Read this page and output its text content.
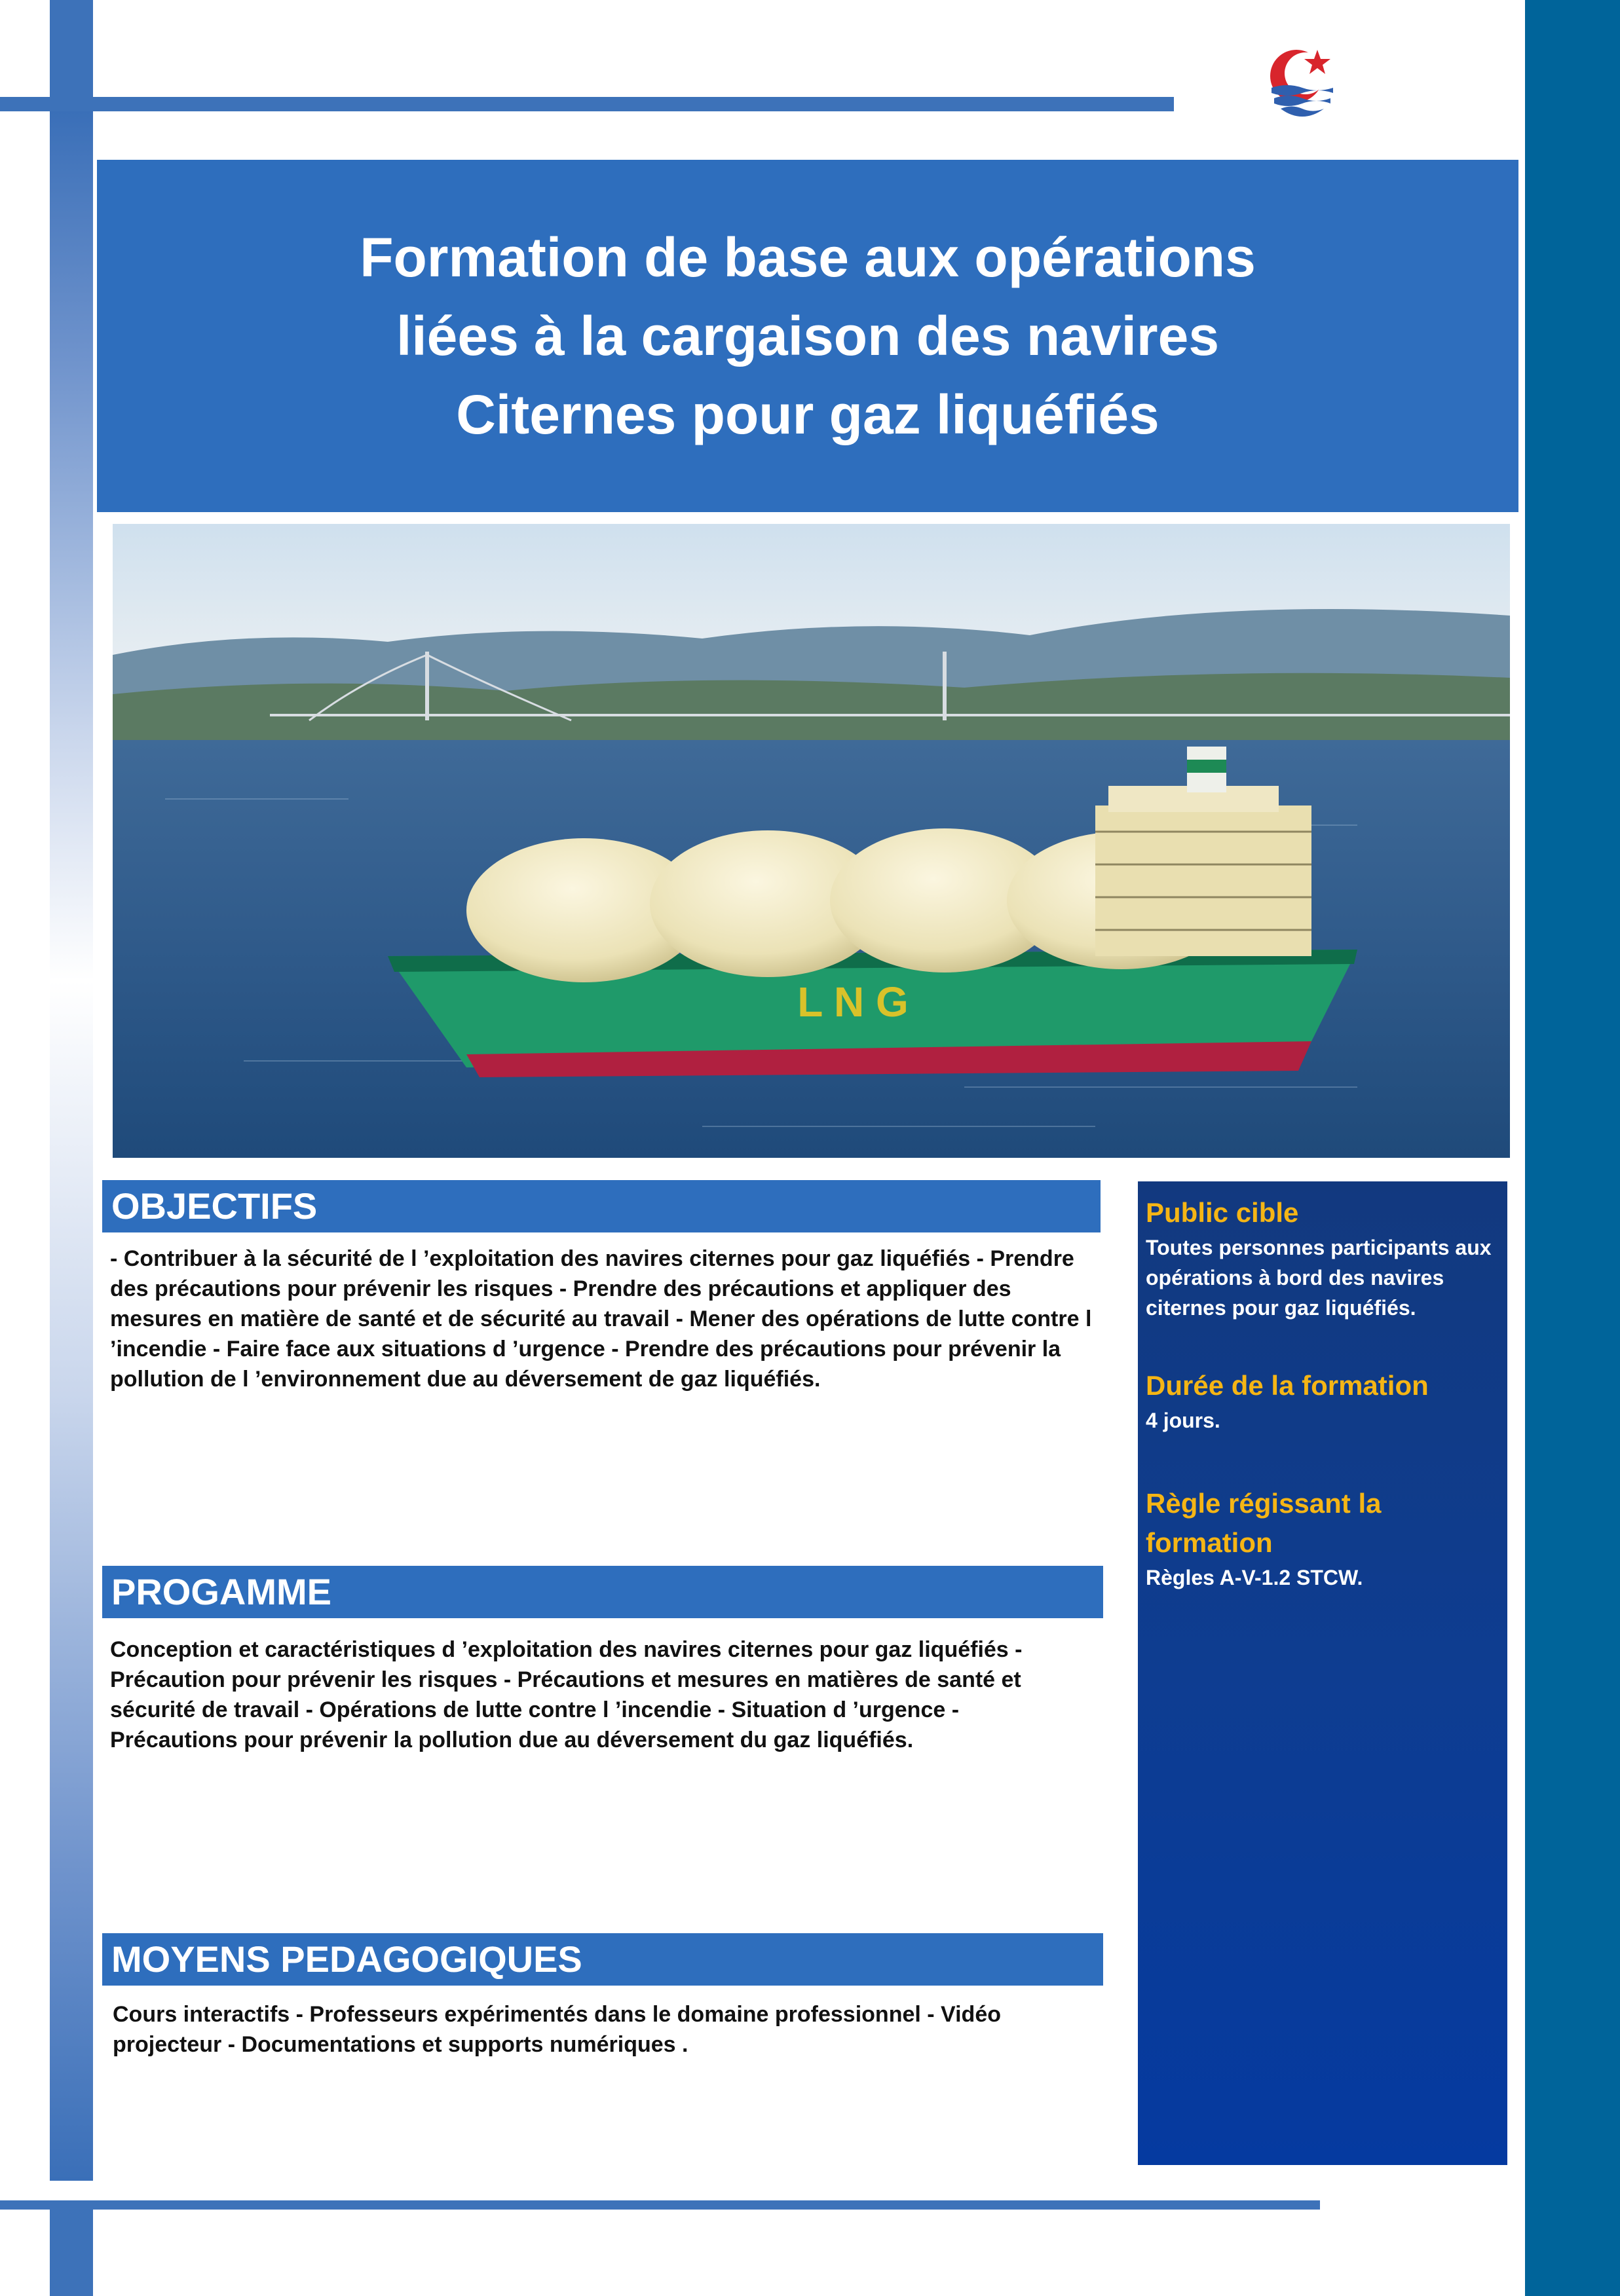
Formation de base aux opérations
liées à la cargaison des navires
Citernes pour gaz liquéfiés
L N G
OBJECTIFS

- Contribuer à la sécurité de l ’exploitation des navires citernes pour gaz liquéfiés - Prendre des précautions pour prévenir les risques - Prendre des précautions et appliquer des mesures en matière de santé et de sécurité au travail - Mener des opérations de lutte contre l ’incendie - Faire face aux situations d ’urgence - Prendre des précautions pour prévenir la pollution de l ’environnement due au déversement de gaz liquéfiés.

PROGAMME

Conception et caractéristiques d ’exploitation des navires citernes pour gaz liquéfiés - Précaution pour prévenir les risques - Précautions et mesures en matières de santé et sécurité de travail - Opérations de lutte contre l ’incendie - Situation d ’urgence - Précautions pour prévenir la pollution due au déversement du gaz liquéfiés.

MOYENS PEDAGOGIQUES

Cours interactifs - Professeurs expérimentés dans le domaine professionnel - Vidéo projecteur - Documentations et supports numériques .

Public cible

Toutes personnes participants aux opérations à bord des navires citernes pour gaz liquéfiés.

Durée de la formation

4 jours.

Règle régissant la formation

Règles A-V-1.2 STCW.
